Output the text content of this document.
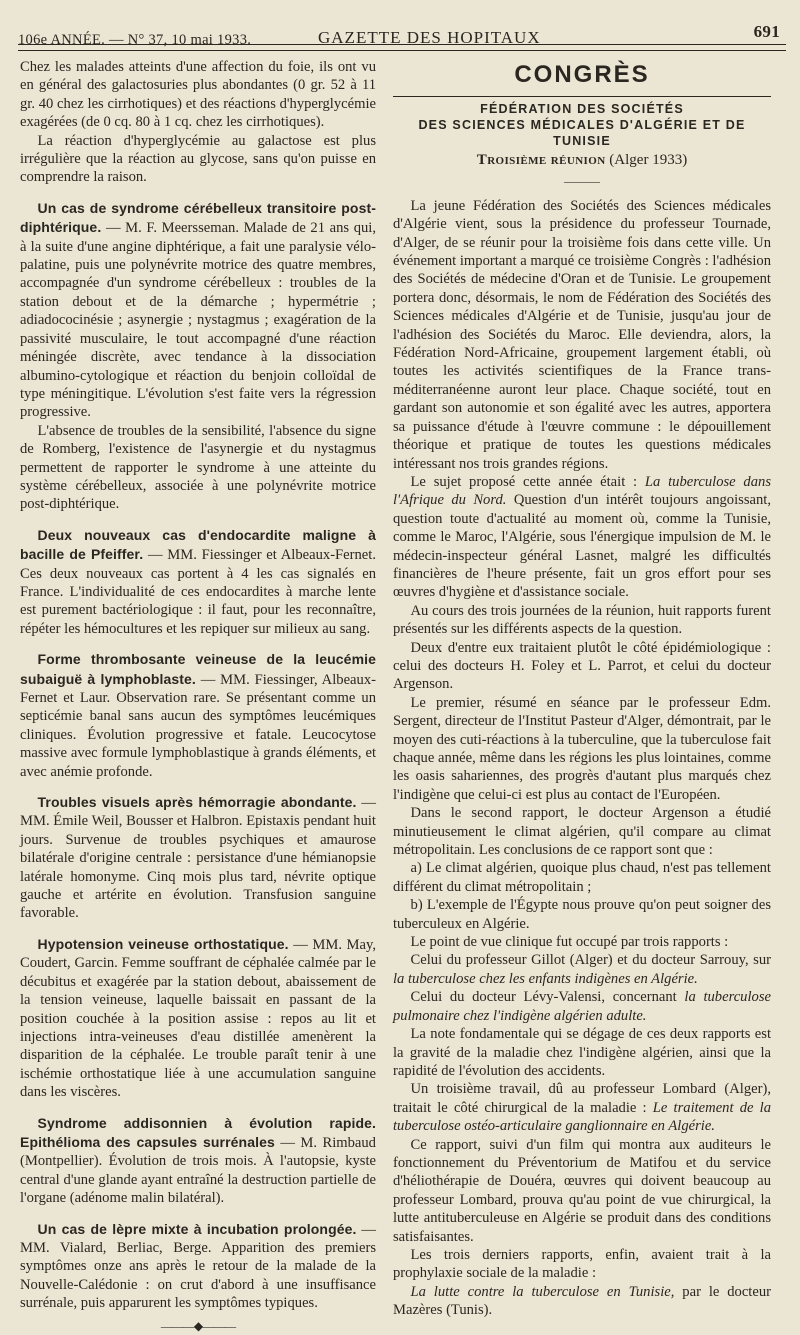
106e ANNÉE. — N° 37, 10 mai 1933.	GAZETTE DES HOPITAUX	691

Chez les malades atteints d'une affection du foie, ils ont vu en général des galactosuries plus abondantes (0 gr. 52 à 11 gr. 40 chez les cirrhotiques) et des réactions d'hyperglycémie exagérées (de 0 cq. 80 à 1 cq. chez les cirrhotiques).

La réaction d'hyperglycémie au galactose est plus irrégulière que la réaction au glycose, sans qu'on puisse en comprendre la raison.

Un cas de syndrome cérébelleux transitoire post-diphtérique. — M. F. Meersseman. Malade de 21 ans qui, à la suite d'une angine diphtérique, a fait une paralysie vélo-palatine, puis une polynévrite motrice des quatre membres, accompagnée d'un syndrome cérébelleux : troubles de la station debout et de la démarche ; hypermétrie ; adiadococinésie ; asynergie ; nystagmus ; exagération de la passivité musculaire, le tout accompagné d'une réaction méningée discrète, avec tendance à la dissociation albumino-cytologique et réaction du benjoin colloïdal de type méningitique. L'évolution s'est faite vers la régression progressive.

L'absence de troubles de la sensibilité, l'absence du signe de Romberg, l'existence de l'asynergie et du nystagmus permettent de rapporter le syndrome à une atteinte du système cérébelleux, associée à une polynévrite motrice post-diphtérique.

Deux nouveaux cas d'endocardite maligne à bacille de Pfeiffer. — MM. Fiessinger et Albeaux-Fernet. Ces deux nouveaux cas portent à 4 les cas signalés en France. L'individualité de ces endocardites à marche lente est purement bactériologique : il faut, pour les reconnaître, répéter les hémocultures et les repiquer sur milieux au sang.

Forme thrombosante veineuse de la leucémie subaiguë à lymphoblaste. — MM. Fiessinger, Albeaux-Fernet et Laur. Observation rare. Se présentant comme un septicémie banal sans aucun des symptômes leucémiques cliniques. Évolution progressive et fatale. Leucocytose massive avec formule lymphoblastique à grands éléments, et avec anémie profonde.

Troubles visuels après hémorragie abondante. — MM. Émile Weil, Bousser et Halbron. Epistaxis pendant huit jours. Survenue de troubles psychiques et amaurose bilatérale d'origine centrale : persistance d'une hémianopsie latérale homonyme. Cinq mois plus tard, névrite optique gauche et artérite en évolution. Transfusion sanguine favorable.

Hypotension veineuse orthostatique. — MM. May, Coudert, Garcin. Femme souffrant de céphalée calmée par le décubitus et exagérée par la station debout, abaissement de la tension veineuse, laquelle baissait en passant de la position couchée à la position assise : repos au lit et injections intra-veineuses d'eau distillée amenèrent la disparition de la céphalée. Le trouble paraît tenir à une ischémie orthostatique liée à une accumulation sanguine dans les viscères.

Syndrome addisonnien à évolution rapide. Epithélioma des capsules surrénales — M. Rimbaud (Montpellier). Évolution de trois mois. À l'autopsie, kyste central d'une glande ayant entraîné la destruction partielle de l'organe (adénome malin bilatéral).

Un cas de lèpre mixte à incubation prolongée. — MM. Vialard, Berliac, Berge. Apparition des premiers symptômes onze ans après le retour de la malade de la Nouvelle-Calédonie : on crut d'abord à une insuffisance surrénale, puis apparurent les symptômes typiques.

———◆———
CONGRÈS
FÉDÉRATION DES SOCIÉTÉS
DES SCIENCES MÉDICALES D'ALGÉRIE ET DE TUNISIE
Troisième réunion (Alger 1933)
———

La jeune Fédération des Sociétés des Sciences médicales d'Algérie vient, sous la présidence du professeur Tournade, d'Alger, de se réunir pour la troisième fois dans cette ville. Un événement important a marqué ce troisième Congrès : l'adhésion des Sociétés de médecine d'Oran et de Tunisie. Le groupement portera donc, désormais, le nom de Fédération des Sociétés des Sciences médicales d'Algérie et de Tunisie, jusqu'au jour de l'adhésion des Sociétés du Maroc. Elle deviendra, alors, la Fédération Nord-Africaine, groupement largement établi, où toutes les activités scientifiques de la France trans-méditerranéenne auront leur place. Chaque société, tout en gardant son autonomie et son égalité avec les autres, apportera sa puissance d'étude à l'œuvre commune : le dépouillement théorique et pratique de toutes les questions médicales intéressant nos trois grandes régions.

Le sujet proposé cette année était : La tuberculose dans l'Afrique du Nord. Question d'un intérêt toujours angoissant, question toute d'actualité au moment où, comme la Tunisie, comme le Maroc, l'Algérie, sous l'énergique impulsion de M. le médecin-inspecteur général Lasnet, malgré les difficultés financières de l'heure présente, fait un gros effort pour ses œuvres d'hygiène et d'assistance sociale.

Au cours des trois journées de la réunion, huit rapports furent présentés sur les différents aspects de la question.

Deux d'entre eux traitaient plutôt le côté épidémiologique : celui des docteurs H. Foley et L. Parrot, et celui du docteur Argenson.

Le premier, résumé en séance par le professeur Edm. Sergent, directeur de l'Institut Pasteur d'Alger, démontrait, par le moyen des cuti-réactions à la tuberculine, que la tuberculose fait chaque année, même dans les régions les plus lointaines, comme les oasis sahariennes, des progrès d'autant plus marqués chez l'indigène que celui-ci est plus au contact de l'Européen.

Dans le second rapport, le docteur Argenson a étudié minutieusement le climat algérien, qu'il compare au climat métropolitain. Les conclusions de ce rapport sont que :

a) Le climat algérien, quoique plus chaud, n'est pas tellement différent du climat métropolitain ;

b) L'exemple de l'Égypte nous prouve qu'on peut soigner des tuberculeux en Algérie.

Le point de vue clinique fut occupé par trois rapports :

Celui du professeur Gillot (Alger) et du docteur Sarrouy, sur la tuberculose chez les enfants indigènes en Algérie.

Celui du docteur Lévy-Valensi, concernant la tuberculose pulmonaire chez l'indigène algérien adulte.

La note fondamentale qui se dégage de ces deux rapports est la gravité de la maladie chez l'indigène algérien, ainsi que la rapidité de l'évolution des accidents.

Un troisième travail, dû au professeur Lombard (Alger), traitait le côté chirurgical de la maladie : Le traitement de la tuberculose ostéo-articulaire ganglionnaire en Algérie.

Ce rapport, suivi d'un film qui montra aux auditeurs le fonctionnement du Préventorium de Matifou et du service d'héliothérapie de Douéra, œuvres qui doivent beaucoup au professeur Lombard, prouva qu'au point de vue chirurgical, la lutte antituberculeuse en Algérie se produit dans des conditions satisfaisantes.

Les trois derniers rapports, enfin, avaient trait à la prophylaxie sociale de la maladie :

La lutte contre la tuberculose en Tunisie, par le docteur Mazères (Tunis).
